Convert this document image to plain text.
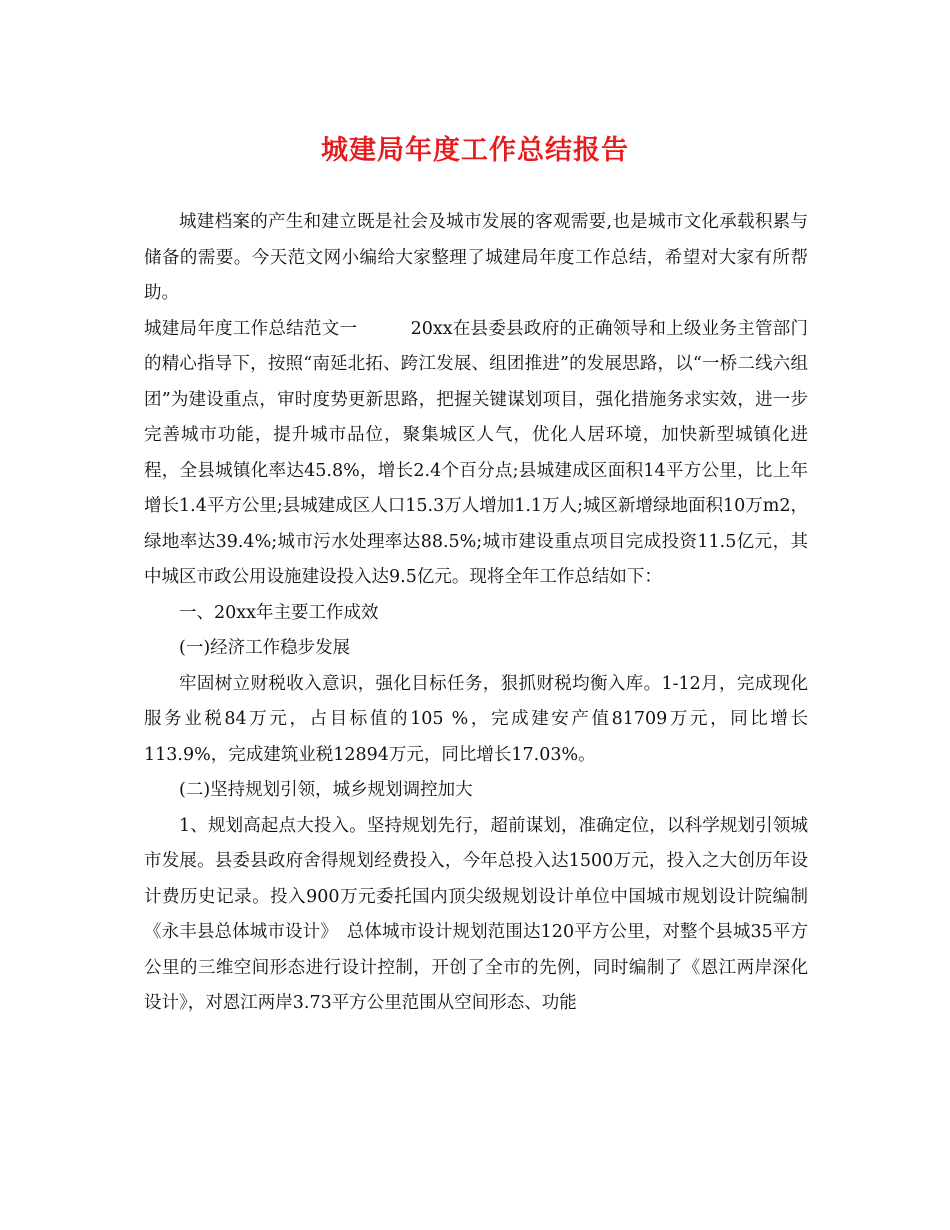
城建局年度工作总结报告

城建档案的产生和建立既是社会及城市发展的客观需要,也是城市文化承载积累与储备的需要。今天范文网小编给大家整理了城建局年度工作总结，希望对大家有所帮助。

城建局年度工作总结范文一　　　20xx在县委县政府的正确领导和上级业务主管部门的精心指导下，按照“南延北拓、跨江发展、组团推进”的发展思路，以“一桥二线六组团”为建设重点，审时度势更新思路，把握关键谋划项目，强化措施务求实效，进一步完善城市功能，提升城市品位，聚集城区人气，优化人居环境，加快新型城镇化进程，全县城镇化率达45.8%，增长2.4个百分点;县城建成区面积14平方公里，比上年增长1.4平方公里;县城建成区人口15.3万人增加1.1万人;城区新增绿地面积10万m2，绿地率达39.4%;城市污水处理率达88.5%;城市建设重点项目完成投资11.5亿元，其中城区市政公用设施建设投入达9.5亿元。现将全年工作总结如下：

一、20xx年主要工作成效

(一)经济工作稳步发展

牢固树立财税收入意识，强化目标任务，狠抓财税均衡入库。1-12月，完成现化服务业税84万元，占目标值的105 %，完成建安产值81709万元，同比增长113.9%，完成建筑业税12894万元，同比增长17.03%。

(二)坚持规划引领，城乡规划调控加大

1、规划高起点大投入。坚持规划先行，超前谋划，准确定位，以科学规划引领城市发展。县委县政府舍得规划经费投入，今年总投入达1500万元，投入之大创历年设计费历史记录。投入900万元委托国内顶尖级规划设计单位中国城市规划设计院编制《永丰县总体城市设计》　总体城市设计规划范围达120平方公里，对整个县城35平方公里的三维空间形态进行设计控制，开创了全市的先例，同时编制了《恩江两岸深化设计》，对恩江两岸3.73平方公里范围从空间形态、功能
